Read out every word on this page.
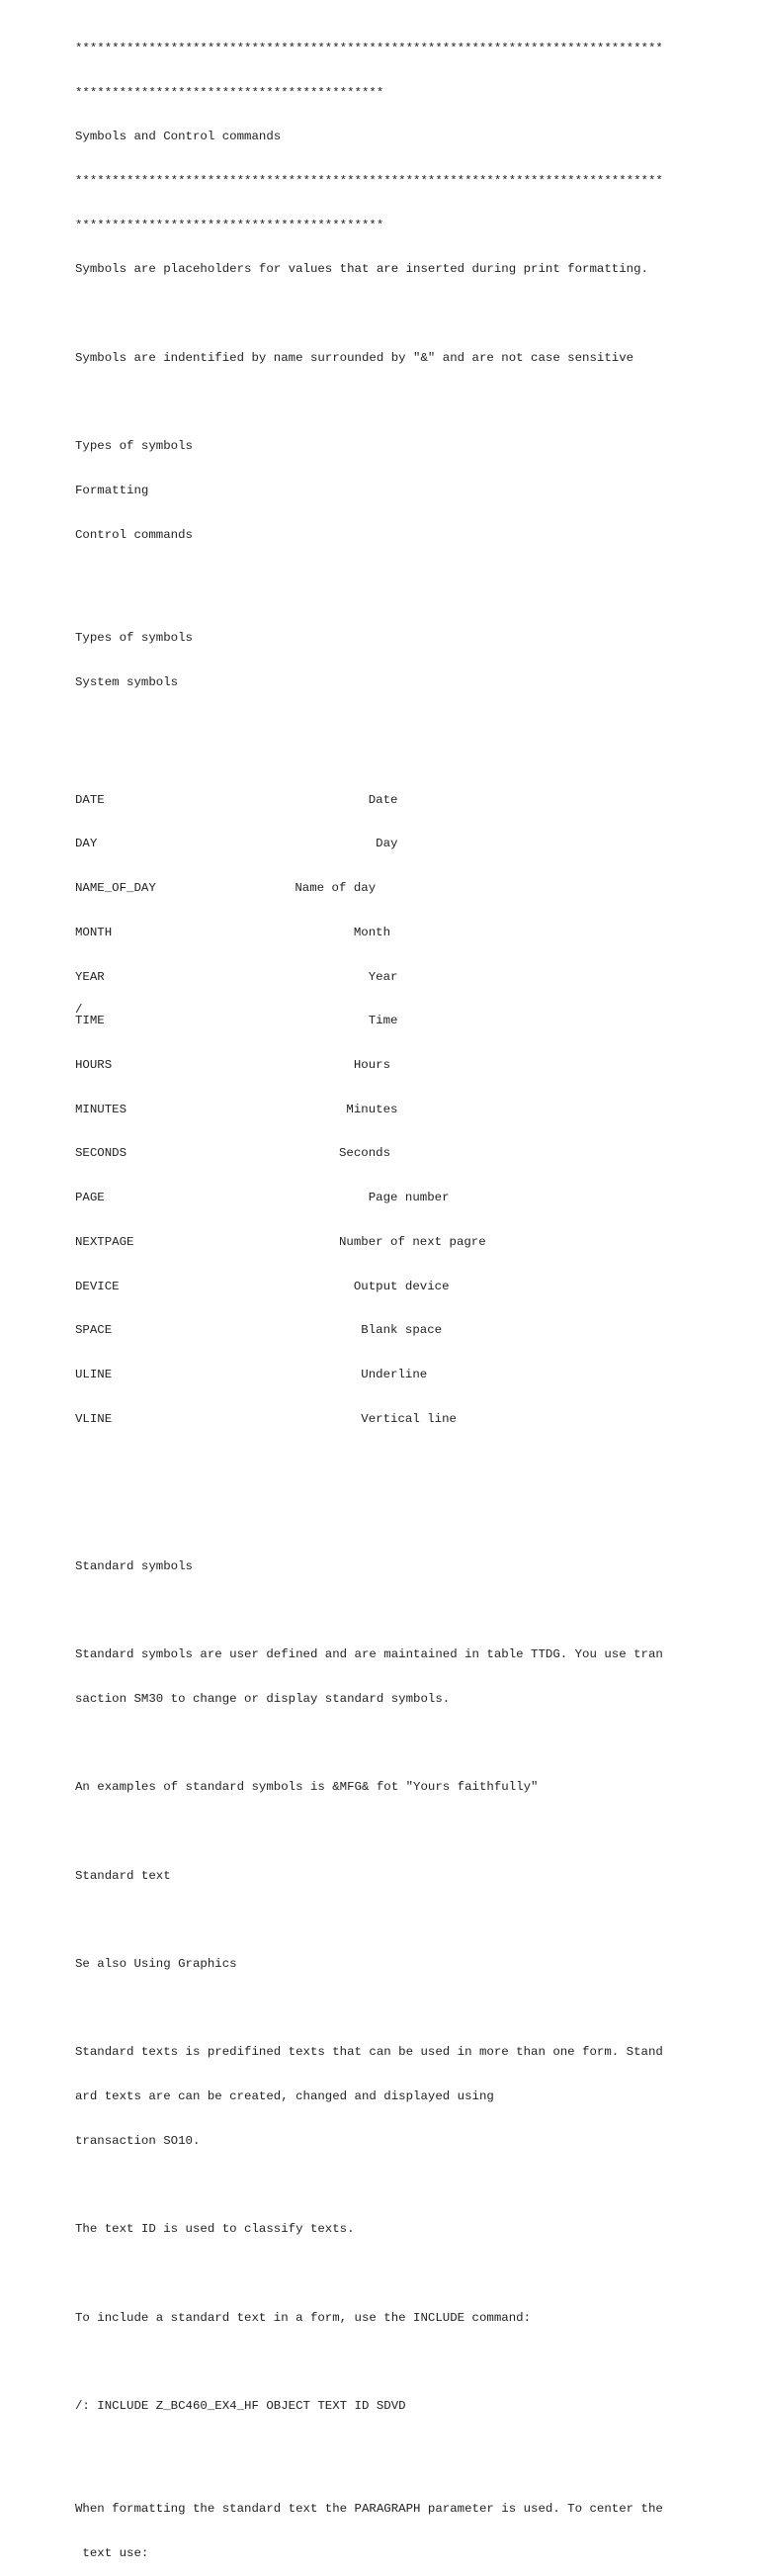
********************************************************************************

******************************************

Symbols and Control commands

********************************************************************************

******************************************

Symbols are placeholders for values that are inserted during print formatting.

Symbols are indentified by name surrounded by "&" and are not case sensitive

Types of symbols

Formatting

Control commands

Types of symbols

System symbols

DATE	Date

DAY	Day

NAME_OF_DAY	Name of day

MONTH	Month

YEAR	Year

TIME	Time

HOURS	Hours

MINUTES	Minutes

SECONDS	Seconds

PAGE	Page number

NEXTPAGE	Number of next pagre

DEVICE	Output device

SPACE	Blank space

ULINE	Underline

VLINE	Vertical line

Standard symbols

Standard symbols are user defined and are maintained in table TTDG. You use tran

saction SM30 to change or display standard symbols.

An examples of standard symbols is &MFG& fot "Yours faithfully"

Standard text

Se also Using Graphics

Standard texts is predifined texts that can be used in more than one form. Stand

ard texts are can be created, changed and displayed using

transaction SO10.

The text ID is used to classify texts.

To include a standard text in a form, use the INCLUDE command:

/: INCLUDE Z_BC460_EX4_HF OBJECT TEXT ID SDVD

When formatting the standard text the PARAGRAPH parameter is used. To center the

text use:

/
